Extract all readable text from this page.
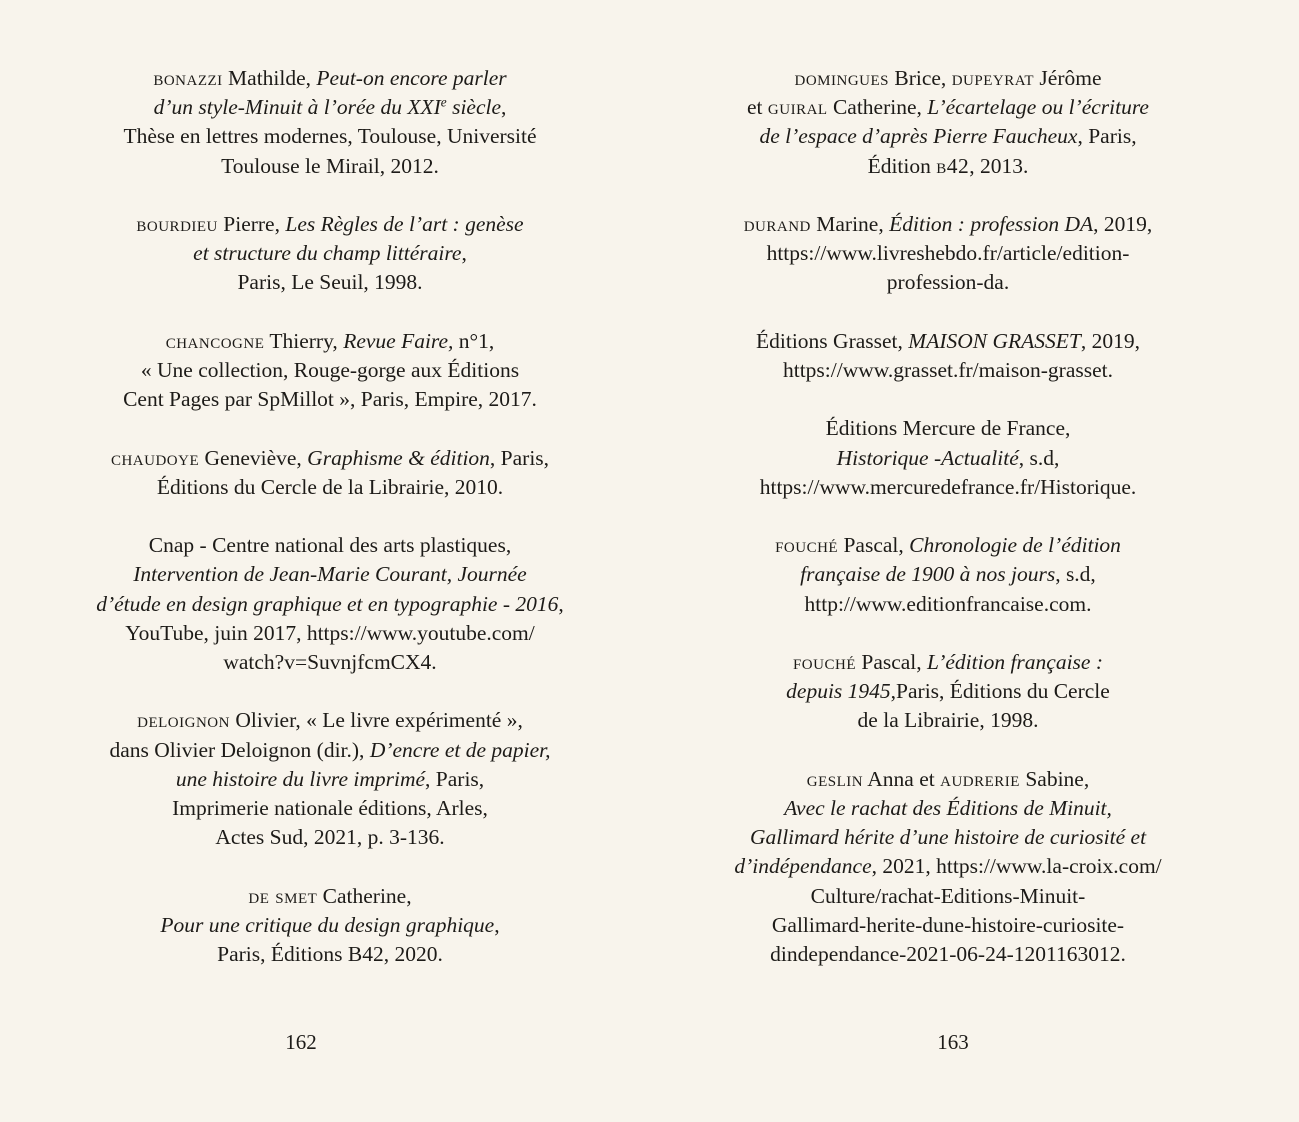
bonazzi Mathilde, Peut-on encore parler
d’un style-Minuit à l’orée du XXIe siècle,
Thèse en lettres modernes, Toulouse, Université
Toulouse le Mirail, 2012.

bourdieu Pierre, Les Règles de l’art : genèse
et structure du champ littéraire,
Paris, Le Seuil, 1998.

chancogne Thierry, Revue Faire, n°1,
« Une collection, Rouge-gorge aux Éditions
Cent Pages par SpMillot », Paris, Empire, 2017.

chaudoye Geneviève, Graphisme & édition, Paris,
Éditions du Cercle de la Librairie, 2010.

Cnap - Centre national des arts plastiques,
Intervention de Jean-Marie Courant, Journée
d’étude en design graphique et en typographie - 2016,
YouTube, juin 2017, https://www.youtube.com/
watch?v=SuvnjfcmCX4.

deloignon Olivier, « Le livre expérimenté »,
dans Olivier Deloignon (dir.), D’encre et de papier,
une histoire du livre imprimé, Paris,
Imprimerie nationale éditions, Arles,
Actes Sud, 2021, p. 3-136.

de smet Catherine,
Pour une critique du design graphique,
Paris, Éditions B42, 2020.

162

domingues Brice, dupeyrat Jérôme
et guiral Catherine, L’écartelage ou l’écriture
de l’espace d’après Pierre Faucheux, Paris,
Édition b42, 2013.

durand Marine, Édition : profession DA, 2019,
https://www.livreshebdo.fr/article/edition-
profession-da.

Éditions Grasset, MAISON GRASSET, 2019,
https://www.grasset.fr/maison-grasset.

Éditions Mercure de France,
Historique -Actualité, s.d,
https://www.mercuredefrance.fr/Historique.

fouché Pascal, Chronologie de l’édition
française de 1900 à nos jours, s.d,
http://www.editionfrancaise.com.

fouché Pascal, L’édition française :
depuis 1945,Paris, Éditions du Cercle
de la Librairie, 1998.

geslin Anna et audrerie Sabine,
Avec le rachat des Éditions de Minuit,
Gallimard hérite d’une histoire de curiosité et
d’indépendance, 2021, https://www.la-croix.com/
Culture/rachat-Editions-Minuit-
Gallimard-herite-dune-histoire-curiosite-
dindependance-2021-06-24-1201163012.

163
